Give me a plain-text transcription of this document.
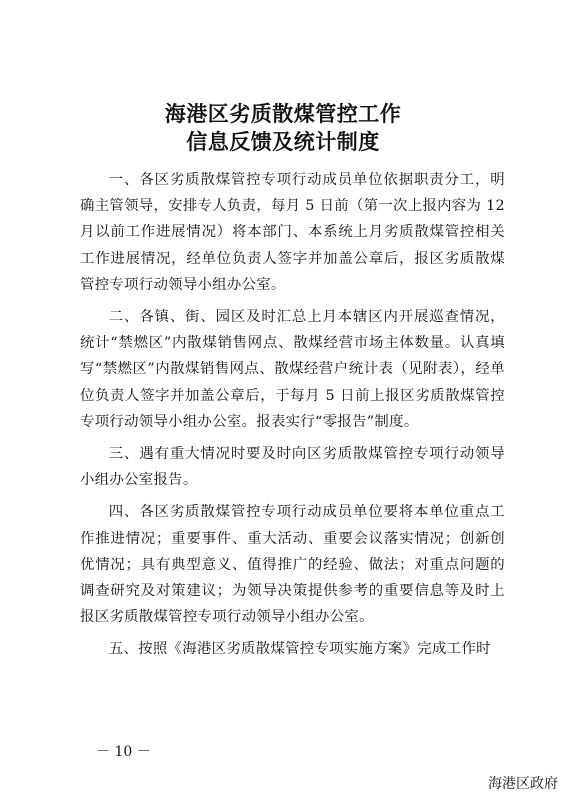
海港区劣质散煤管控工作
信息反馈及统计制度

一、各区劣质散煤管控专项行动成员单位依据职责分工，明确主管领导，安排专人负责，每月 5 日前（第一次上报内容为 12 月以前工作进展情况）将本部门、本系统上月劣质散煤管控相关工作进展情况，经单位负责人签字并加盖公章后，报区劣质散煤管控专项行动领导小组办公室。

二、各镇、街、园区及时汇总上月本辖区内开展巡查情况，统计“禁燃区”内散煤销售网点、散煤经营市场主体数量。认真填写“禁燃区”内散煤销售网点、散煤经营户统计表（见附表），经单位负责人签字并加盖公章后，于每月 5 日前上报区劣质散煤管控专项行动领导小组办公室。报表实行“零报告”制度。

三、遇有重大情况时要及时向区劣质散煤管控专项行动领导小组办公室报告。

四、各区劣质散煤管控专项行动成员单位要将本单位重点工作推进情况；重要事件、重大活动、重要会议落实情况；创新创优情况；具有典型意义、值得推广的经验、做法；对重点问题的调查研究及对策建议；为领导决策提供参考的重要信息等及时上报区劣质散煤管控专项行动领导小组办公室。

五、按照《海港区劣质散煤管控专项实施方案》完成工作时

－ 10 －
海港区政府
